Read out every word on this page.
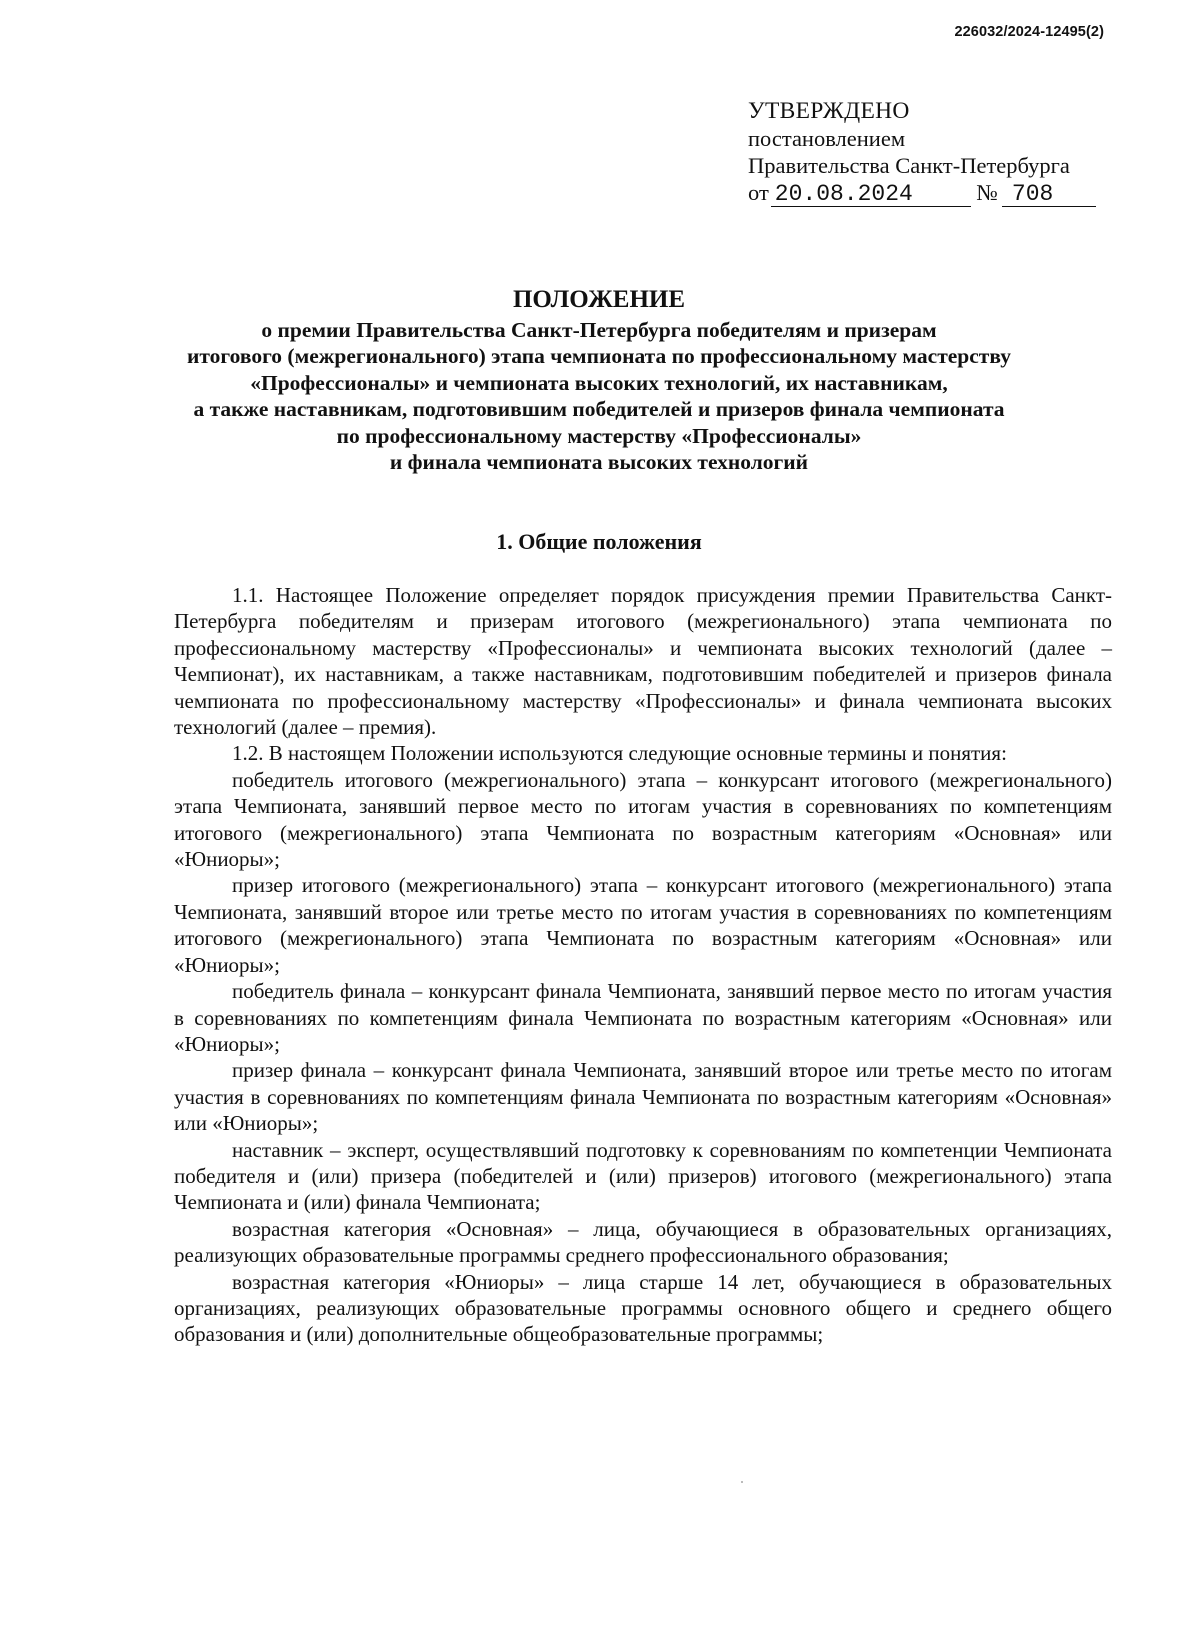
226032/2024-12495(2)
УТВЕРЖДЕНО
постановлением
Правительства Санкт-Петербурга
от 20.08.2024	№ 708
ПОЛОЖЕНИЕ
о премии Правительства Санкт-Петербурга победителям и призерам
итогового (межрегионального) этапа чемпионата по профессиональному мастерству
«Профессионалы» и чемпионата высоких технологий, их наставникам,
а также наставникам, подготовившим победителей и призеров финала чемпионата
по профессиональному мастерству «Профессионалы»
и финала чемпионата высоких технологий
1. Общие положения

1.1. Настоящее Положение определяет порядок присуждения премии Правительства Санкт-Петербурга победителям и призерам итогового (межрегионального) этапа чемпионата по профессиональному мастерству «Профессионалы» и чемпионата высоких технологий (далее – Чемпионат), их наставникам, а также наставникам, подготовившим победителей и призеров финала чемпионата по профессиональному мастерству «Профессионалы» и финала чемпионата высоких технологий (далее – премия).

1.2. В настоящем Положении используются следующие основные термины и понятия:

победитель итогового (межрегионального) этапа – конкурсант итогового (межрегионального) этапа Чемпионата, занявший первое место по итогам участия в соревнованиях по компетенциям итогового (межрегионального) этапа Чемпионата по возрастным категориям «Основная» или «Юниоры»;

призер итогового (межрегионального) этапа – конкурсант итогового (межрегионального) этапа Чемпионата, занявший второе или третье место по итогам участия в соревнованиях по компетенциям итогового (межрегионального) этапа Чемпионата по возрастным категориям «Основная» или «Юниоры»;

победитель финала – конкурсант финала Чемпионата, занявший первое место по итогам участия в соревнованиях по компетенциям финала Чемпионата по возрастным категориям «Основная» или «Юниоры»;

призер финала – конкурсант финала Чемпионата, занявший второе или третье место по итогам участия в соревнованиях по компетенциям финала Чемпионата по возрастным категориям «Основная» или «Юниоры»;

наставник – эксперт, осуществлявший подготовку к соревнованиям по компетенции Чемпионата победителя и (или) призера (победителей и (или) призеров) итогового (межрегионального) этапа Чемпионата и (или) финала Чемпионата;

возрастная категория «Основная» – лица, обучающиеся в образовательных организациях, реализующих образовательные программы среднего профессионального образования;

возрастная категория «Юниоры» – лица старше 14 лет, обучающиеся в образовательных организациях, реализующих образовательные программы основного общего и среднего общего образования и (или) дополнительные общеобразовательные программы;
